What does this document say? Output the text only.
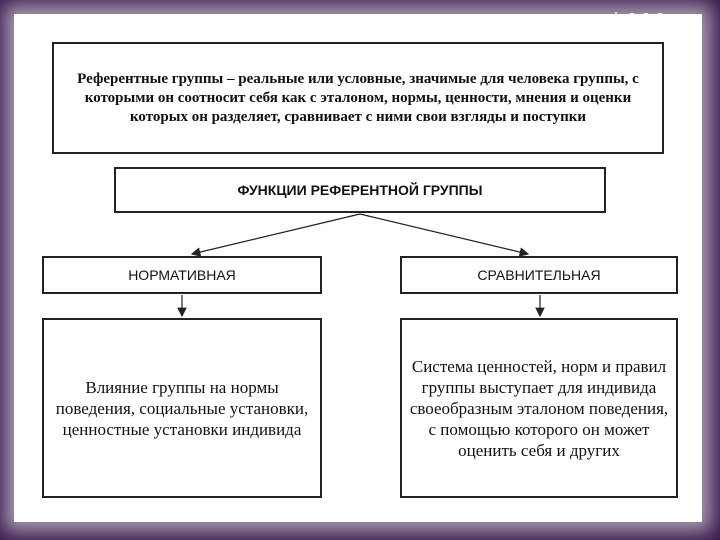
Референтные группы – реальные или условные, значимые для человека группы, с которыми он соотносит себя как с эталоном, нормы, ценности, мнения и оценки которых он разделяет, сравнивает с ними свои взгляды и поступки
ФУНКЦИИ РЕФЕРЕНТНОЙ ГРУППЫ
НОРМАТИВНАЯ	СРАВНИТЕЛЬНАЯ
Влияние группы на нормы поведения, социальные установки, ценностные установки индивида
Система ценностей, норм и правил группы выступает для индивида своеобразным эталоном поведения, с помощью которого он может оценить себя и других
